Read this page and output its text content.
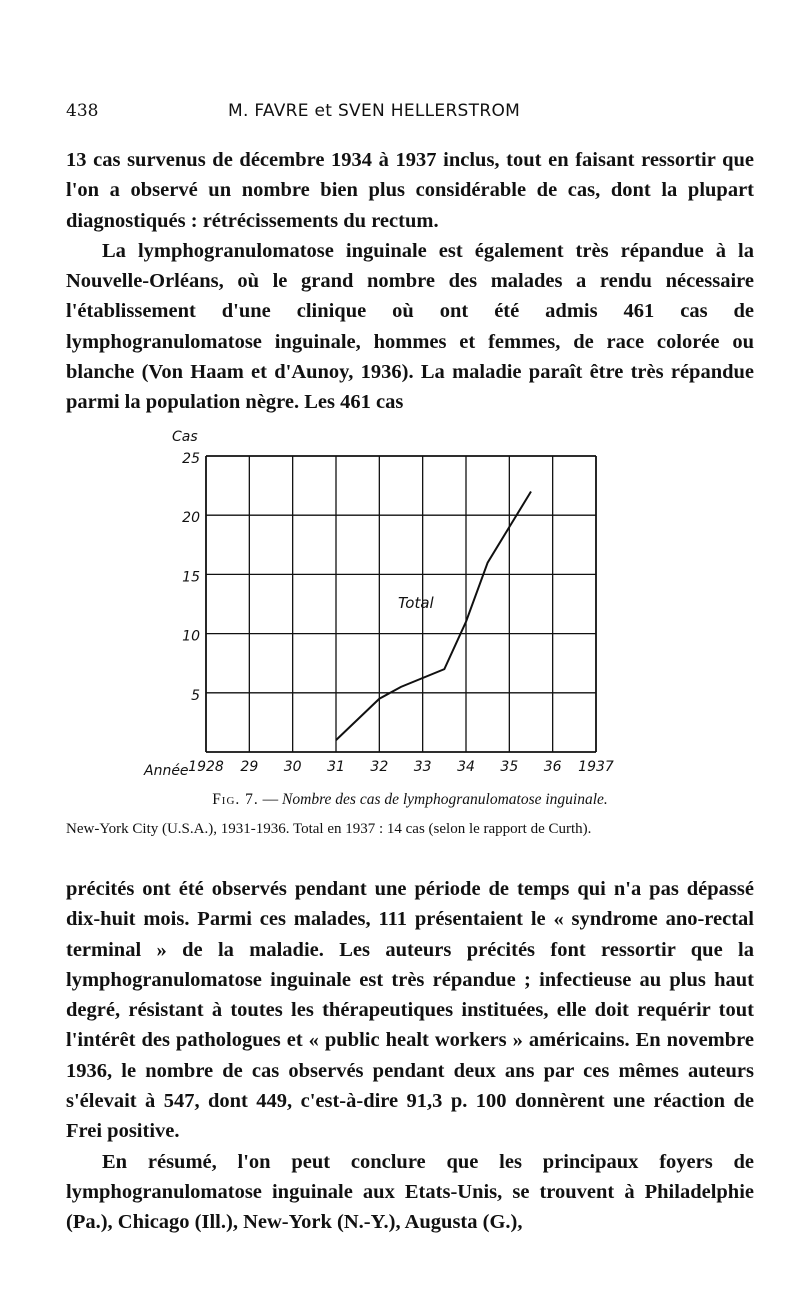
438	M. FAVRE et SVEN HELLERSTROM

13 cas survenus de décembre 1934 à 1937 inclus, tout en faisant ressortir que l'on a observé un nombre bien plus considérable de cas, dont la plupart diagnostiqués : rétrécissements du rectum.

La lymphogranulomatose inguinale est également très répandue à la Nouvelle-Orléans, où le grand nombre des malades a rendu nécessaire l'établissement d'une clinique où ont été admis 461 cas de lymphogranulomatose inguinale, hommes et femmes, de race colorée ou blanche (Von Haam et d'Aunoy, 1936). La maladie paraît être très répandue parmi la population nègre. Les 461 cas

5
10
15
20
25
1928 29 30 31 32 33 34 35 36 1937
Cas
Année
Total
Fig. 7. — Nombre des cas de lymphogranulomatose inguinale.
New-York City (U.S.A.), 1931-1936. Total en 1937 : 14 cas (selon le rapport de Curth).

précités ont été observés pendant une période de temps qui n'a pas dépassé dix-huit mois. Parmi ces malades, 111 présentaient le « syndrome ano-rectal terminal » de la maladie. Les auteurs précités font ressortir que la lymphogranulomatose inguinale est très répandue ; infectieuse au plus haut degré, résistant à toutes les thérapeutiques instituées, elle doit requérir tout l'intérêt des pathologues et « public healt workers » américains. En novembre 1936, le nombre de cas observés pendant deux ans par ces mêmes auteurs s'élevait à 547, dont 449, c'est-à-dire 91,3 p. 100 donnèrent une réaction de Frei positive.

En résumé, l'on peut conclure que les principaux foyers de lymphogranulomatose inguinale aux Etats-Unis, se trouvent à Philadelphie (Pa.), Chicago (Ill.), New-York (N.-Y.), Augusta (G.),
